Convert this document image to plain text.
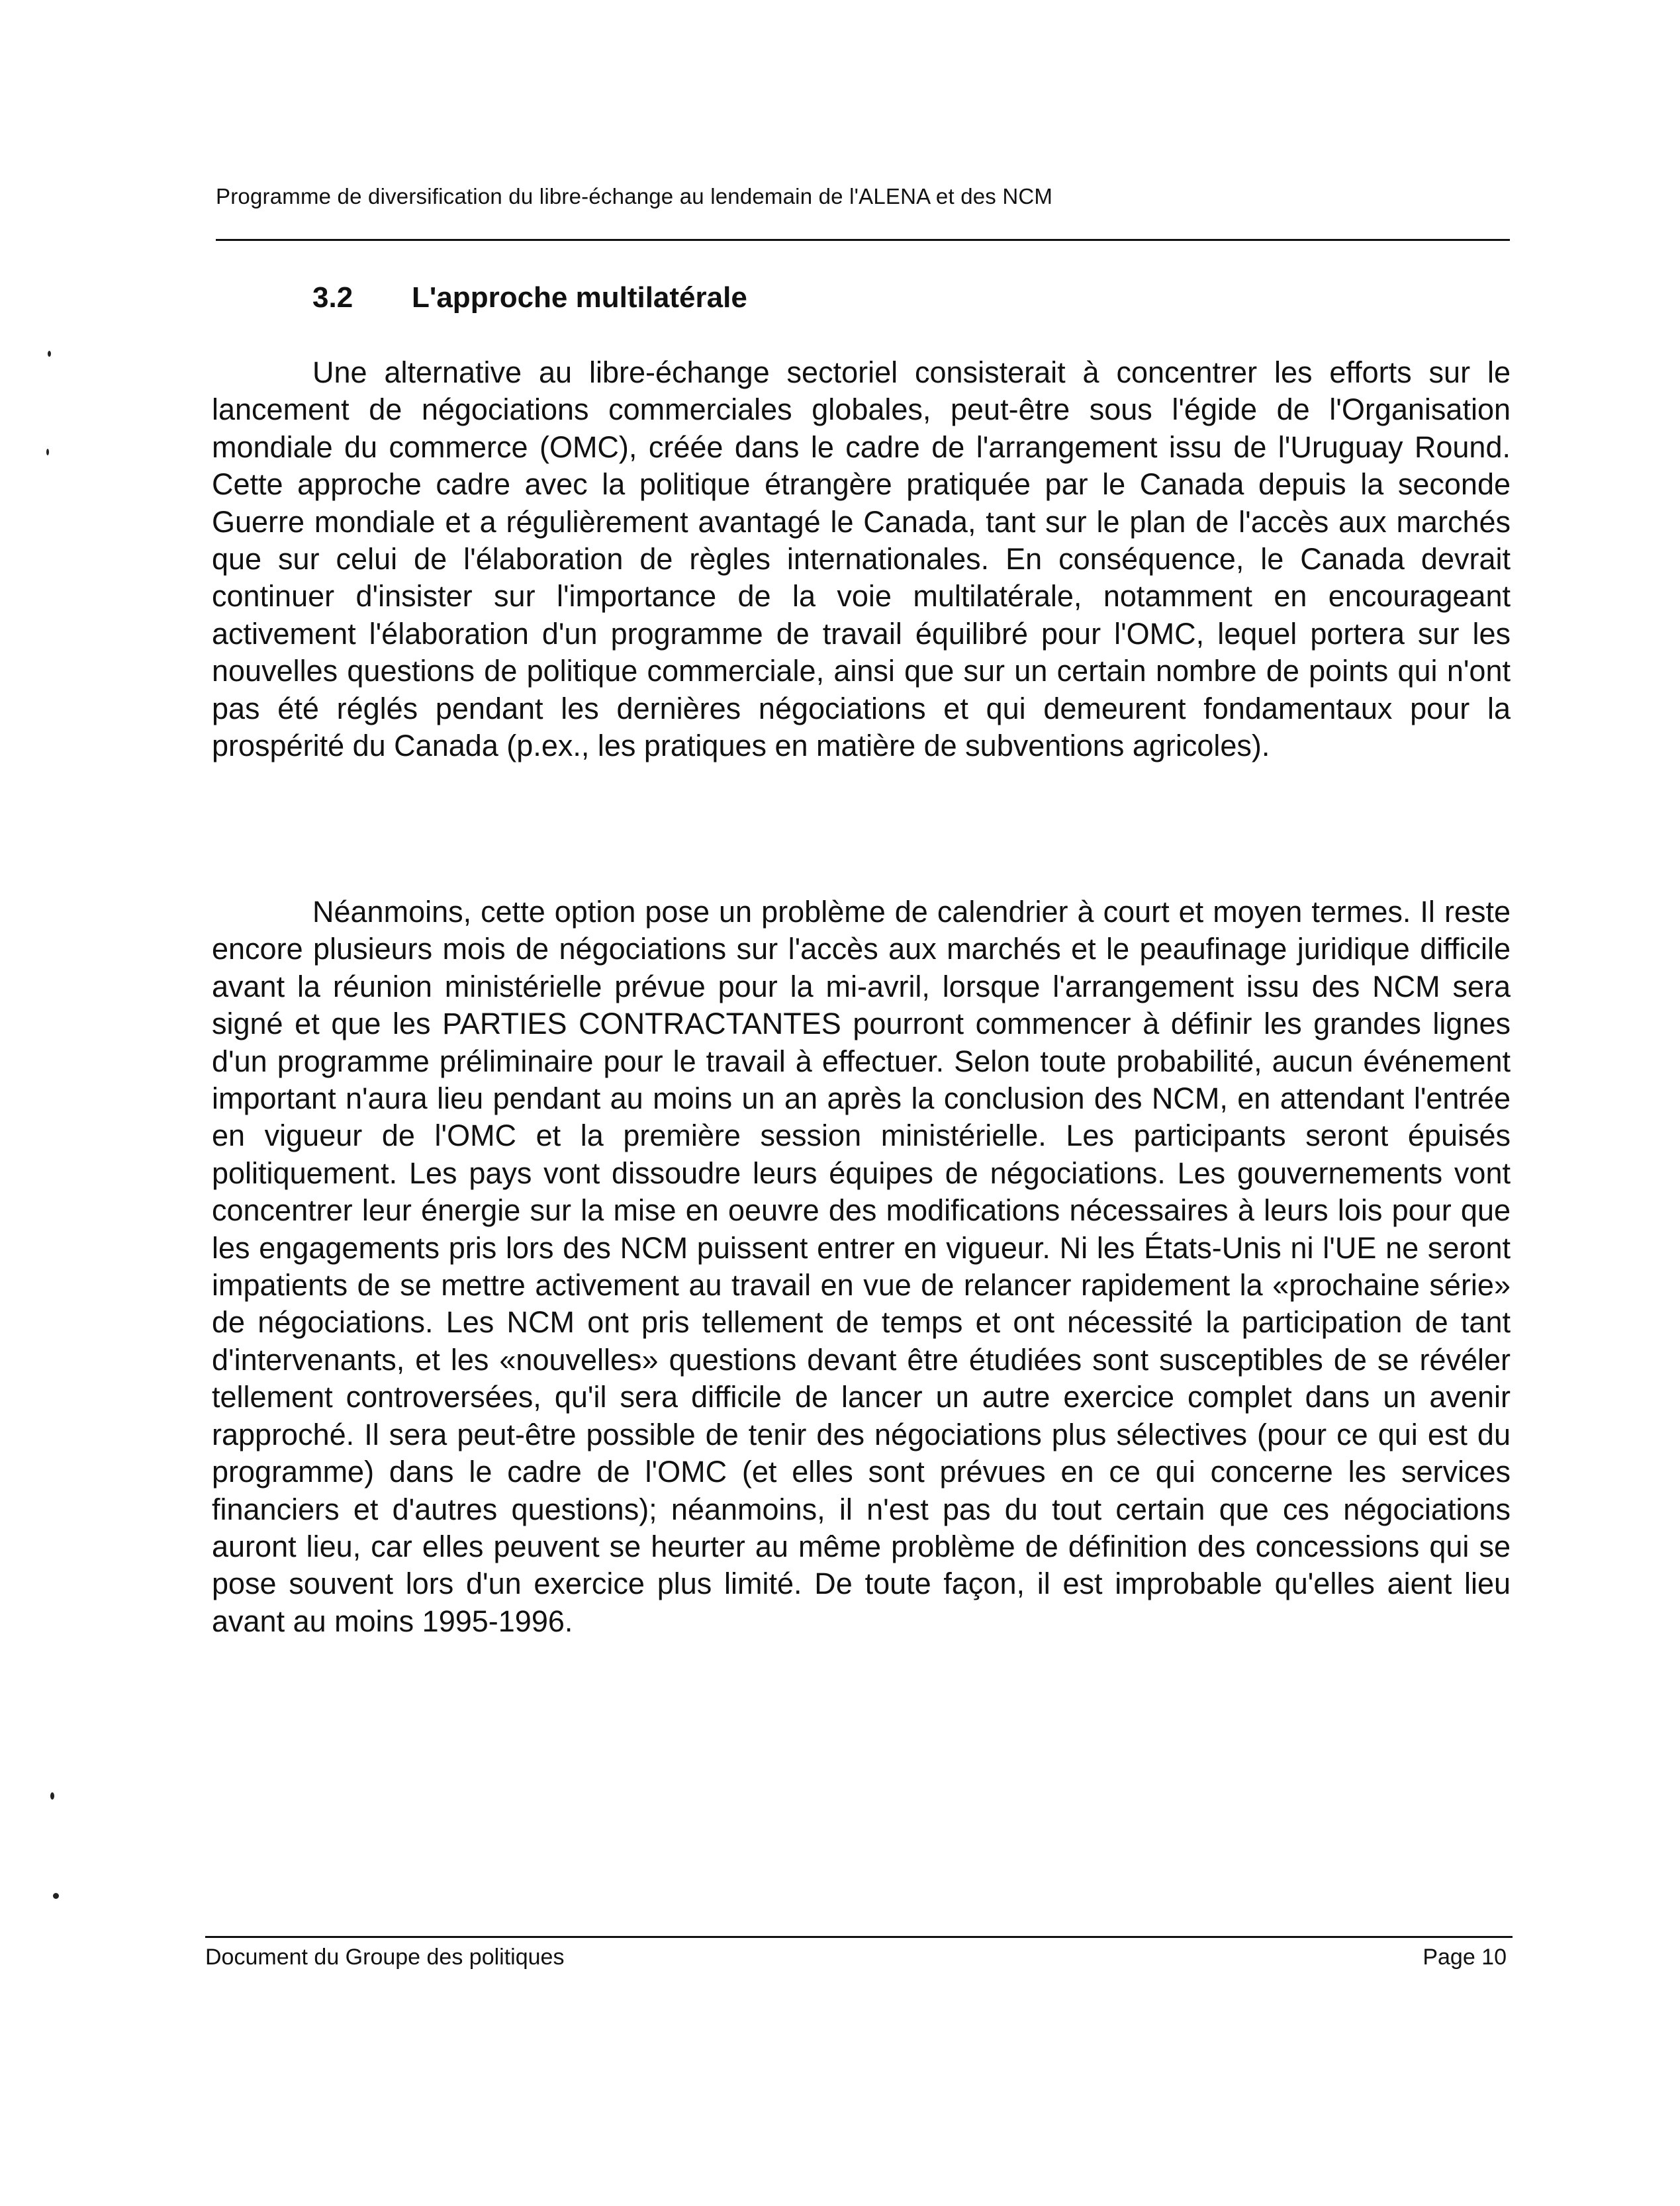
Programme de diversification du libre-échange au lendemain de l'ALENA et des NCM
3.2 L'approche multilatérale

Une alternative au libre-échange sectoriel consisterait à concentrer les efforts sur le lancement de négociations commerciales globales, peut-être sous l'égide de l'Organisation mondiale du commerce (OMC), créée dans le cadre de l'arrangement issu de l'Uruguay Round. Cette approche cadre avec la politique étrangère pratiquée par le Canada depuis la seconde Guerre mondiale et a régulièrement avantagé le Canada, tant sur le plan de l'accès aux marchés que sur celui de l'élaboration de règles internationales. En conséquence, le Canada devrait continuer d'insister sur l'importance de la voie multilatérale, notamment en encourageant activement l'élaboration d'un programme de travail équilibré pour l'OMC, lequel portera sur les nouvelles questions de politique commerciale, ainsi que sur un certain nombre de points qui n'ont pas été réglés pendant les dernières négociations et qui demeurent fondamentaux pour la prospérité du Canada (p.ex., les pratiques en matière de subventions agricoles).

Néanmoins, cette option pose un problème de calendrier à court et moyen termes. Il reste encore plusieurs mois de négociations sur l'accès aux marchés et le peaufinage juridique difficile avant la réunion ministérielle prévue pour la mi-avril, lorsque l'arrangement issu des NCM sera signé et que les PARTIES CONTRACTANTES pourront commencer à définir les grandes lignes d'un programme préliminaire pour le travail à effectuer. Selon toute probabilité, aucun événement important n'aura lieu pendant au moins un an après la conclusion des NCM, en attendant l'entrée en vigueur de l'OMC et la première session ministérielle. Les participants seront épuisés politiquement. Les pays vont dissoudre leurs équipes de négociations. Les gouvernements vont concentrer leur énergie sur la mise en oeuvre des modifications nécessaires à leurs lois pour que les engagements pris lors des NCM puissent entrer en vigueur. Ni les États-Unis ni l'UE ne seront impatients de se mettre activement au travail en vue de relancer rapidement la «prochaine série» de négociations. Les NCM ont pris tellement de temps et ont nécessité la participation de tant d'intervenants, et les «nouvelles» questions devant être étudiées sont susceptibles de se révéler tellement controversées, qu'il sera difficile de lancer un autre exercice complet dans un avenir rapproché. Il sera peut-être possible de tenir des négociations plus sélectives (pour ce qui est du programme) dans le cadre de l'OMC (et elles sont prévues en ce qui concerne les services financiers et d'autres questions); néanmoins, il n'est pas du tout certain que ces négociations auront lieu, car elles peuvent se heurter au même problème de définition des concessions qui se pose souvent lors d'un exercice plus limité. De toute façon, il est improbable qu'elles aient lieu avant au moins 1995-1996.

Document du Groupe des politiques	Page 10
